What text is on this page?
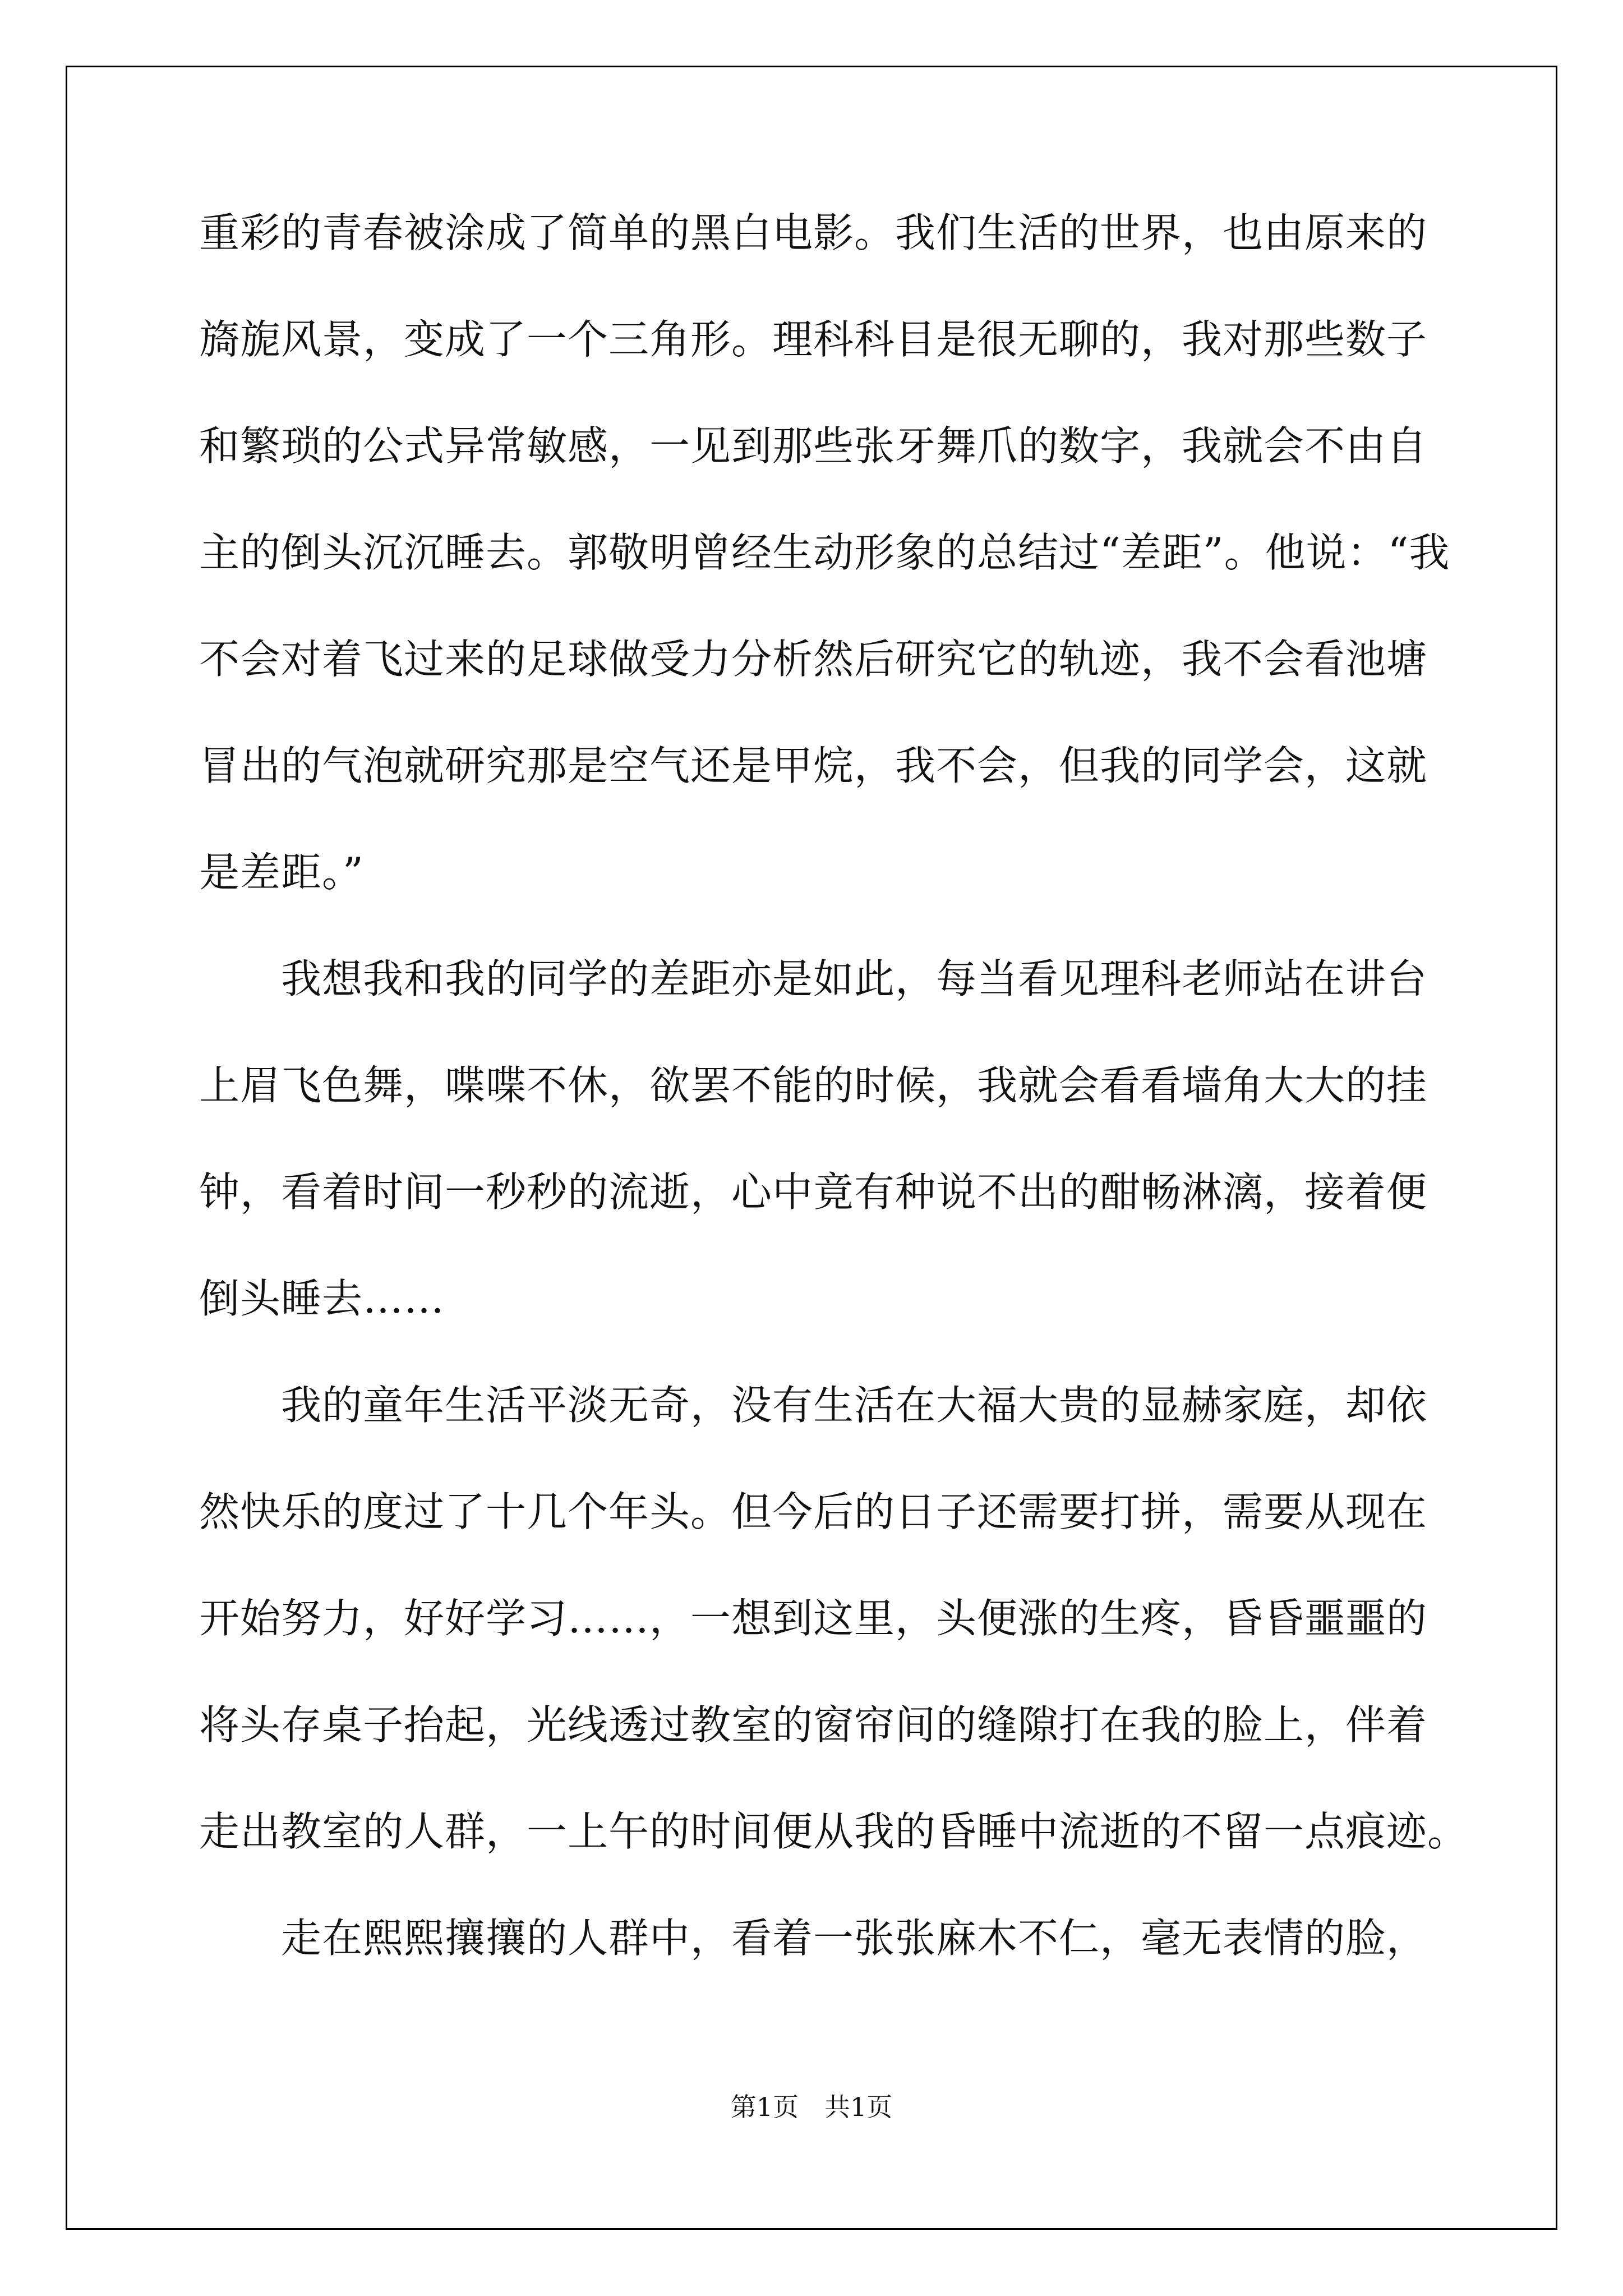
重彩的青春被涂成了简单的黑白电影。我们生活的世界，也由原来的
旖旎风景，变成了一个三角形。理科科目是很无聊的，我对那些数子
和繁琐的公式异常敏感，一见到那些张牙舞爪的数字，我就会不由自
主的倒头沉沉睡去。郭敬明曾经生动形象的总结过“差距”。他说：“我
不会对着飞过来的足球做受力分析然后研究它的轨迹，我不会看池塘
冒出的气泡就研究那是空气还是甲烷，我不会，但我的同学会，这就
是差距。”
　　我想我和我的同学的差距亦是如此，每当看见理科老师站在讲台
上眉飞色舞，喋喋不休，欲罢不能的时候，我就会看看墙角大大的挂
钟，看着时间一秒秒的流逝，心中竟有种说不出的酣畅淋漓，接着便
倒头睡去……
　　我的童年生活平淡无奇，没有生活在大福大贵的显赫家庭，却依
然快乐的度过了十几个年头。但今后的日子还需要打拼，需要从现在
开始努力，好好学习……，一想到这里，头便涨的生疼，昏昏噩噩的
将头存桌子抬起，光线透过教室的窗帘间的缝隙打在我的脸上，伴着
走出教室的人群，一上午的时间便从我的昏睡中流逝的不留一点痕迹。
　　走在熙熙攘攘的人群中，看着一张张麻木不仁，毫无表情的脸，
第1页　共1页
